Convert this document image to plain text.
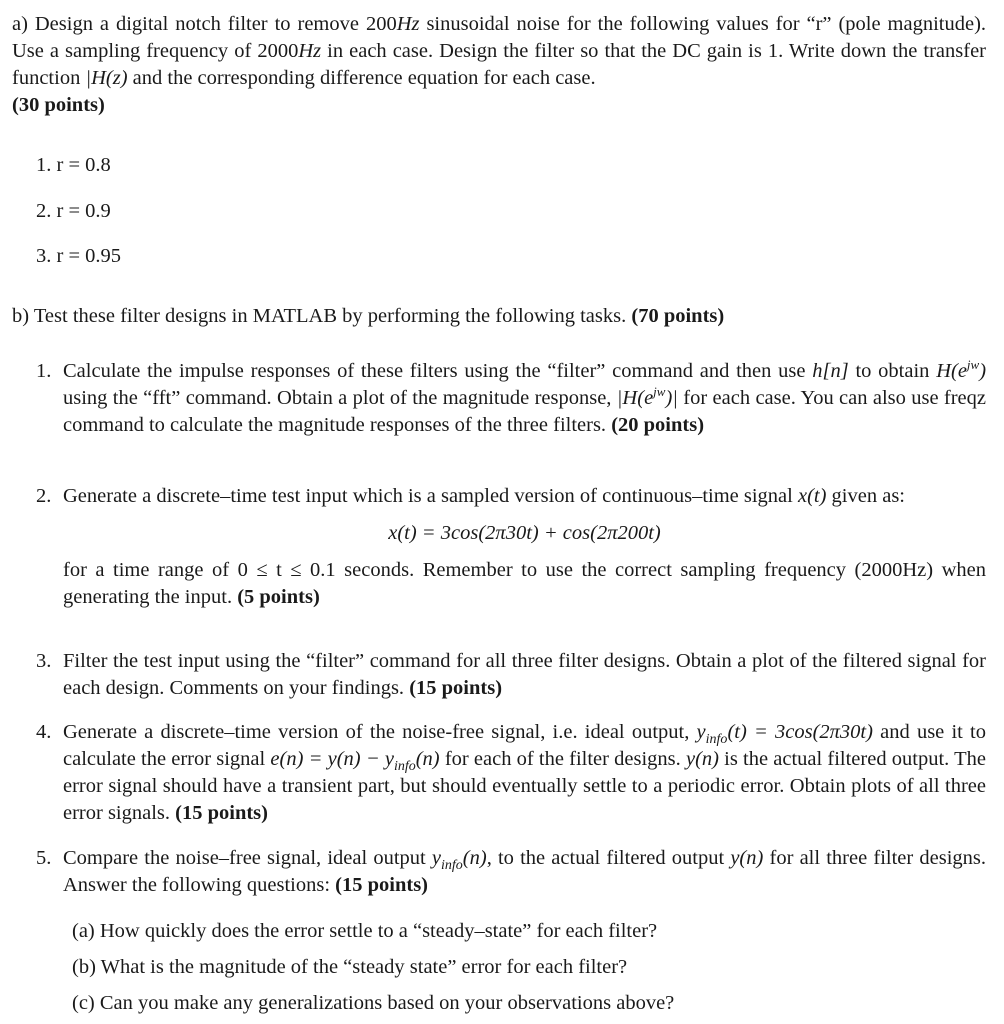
a) Design a digital notch filter to remove 200Hz sinusoidal noise for the following values for “r” (pole magnitude). Use a sampling frequency of 2000Hz in each case. Design the filter so that the DC gain is 1. Write down the transfer function |H(z) and the corresponding difference equation for each case.
(30 points)
1. r = 0.8
2. r = 0.9
3. r = 0.95
b) Test these filter designs in MATLAB by performing the following tasks. (70 points)
1. Calculate the impulse responses of these filters using the “filter” command and then use h[n] to obtain $H(e^{jw})$ using the “fft” command. Obtain a plot of the magnitude response, $|H(e^{jw})|$ for each case. You can also use freqz command to calculate the magnitude responses of the three filters. (20 points)
2. Generate a discrete–time test input which is a sampled version of continuous–time signal x(t) given as:
x(t) = 3cos(2π30t) + cos(2π200t)
for a time range of 0 ≤ t ≤ 0.1 seconds. Remember to use the correct sampling frequency (2000Hz) when generating the input. (5 points)
3. Filter the test input using the “filter” command for all three filter designs. Obtain a plot of the filtered signal for each design. Comments on your findings. (15 points)
4. Generate a discrete–time version of the noise-free signal, i.e. ideal output, $y_{info}(t) = 3\cos(2\pi 30t)$ and use it to calculate the error signal $e(n) = y(n) - y_{info}(n)$ for each of the filter designs. y(n) is the actual filtered output. The error signal should have a transient part, but should eventually settle to a periodic error. Obtain plots of all three error signals. (15 points)
5. Compare the noise–free signal, ideal output $y_{info}(n)$, to the actual filtered output y(n) for all three filter designs. Answer the following questions: (15 points)
(a) How quickly does the error settle to a “steady–state” for each filter?
(b) What is the magnitude of the “steady state” error for each filter?
(c) Can you make any generalizations based on your observations above?
